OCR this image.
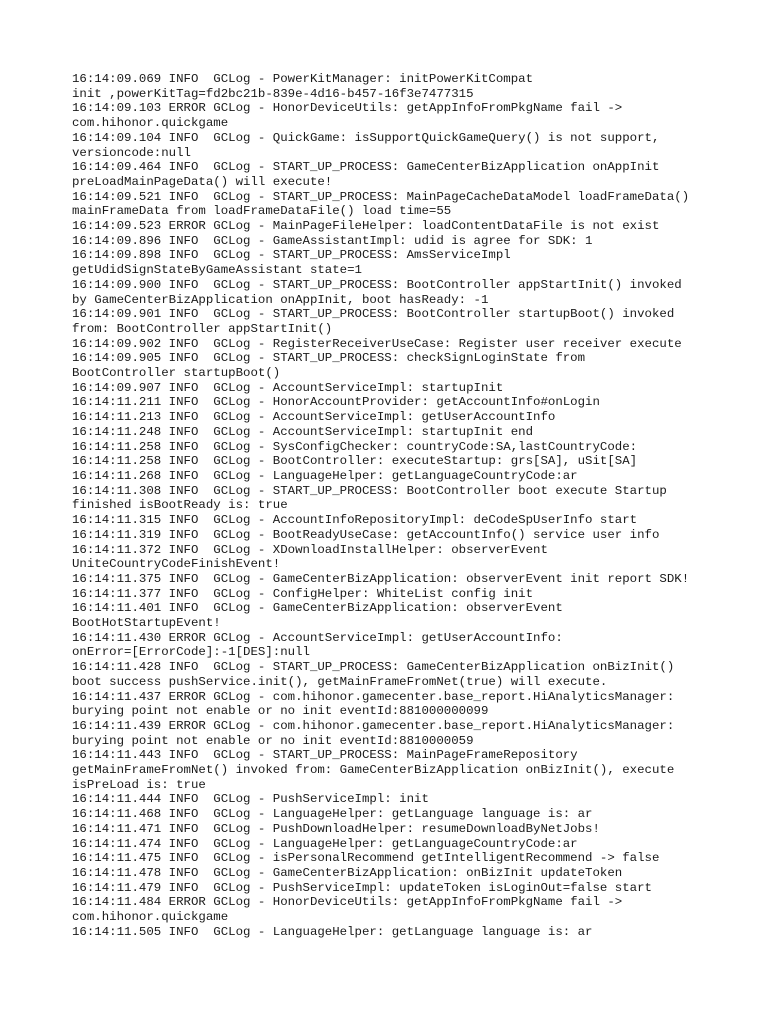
16:14:09.069 INFO  GCLog - PowerKitManager: initPowerKitCompat
init ,powerKitTag=fd2bc21b-839e-4d16-b457-16f3e7477315
16:14:09.103 ERROR GCLog - HonorDeviceUtils: getAppInfoFromPkgName fail ->
com.hihonor.quickgame
16:14:09.104 INFO  GCLog - QuickGame: isSupportQuickGameQuery() is not support,
versioncode:null
16:14:09.464 INFO  GCLog - START_UP_PROCESS: GameCenterBizApplication onAppInit
preLoadMainPageData() will execute!
16:14:09.521 INFO  GCLog - START_UP_PROCESS: MainPageCacheDataModel loadFrameData()
mainFrameData from loadFrameDataFile() load time=55
16:14:09.523 ERROR GCLog - MainPageFileHelper: loadContentDataFile is not exist
16:14:09.896 INFO  GCLog - GameAssistantImpl: udid is agree for SDK: 1
16:14:09.898 INFO  GCLog - START_UP_PROCESS: AmsServiceImpl
getUdidSignStateByGameAssistant state=1
16:14:09.900 INFO  GCLog - START_UP_PROCESS: BootController appStartInit() invoked
by GameCenterBizApplication onAppInit, boot hasReady: -1
16:14:09.901 INFO  GCLog - START_UP_PROCESS: BootController startupBoot() invoked
from: BootController appStartInit()
16:14:09.902 INFO  GCLog - RegisterReceiverUseCase: Register user receiver execute
16:14:09.905 INFO  GCLog - START_UP_PROCESS: checkSignLoginState from
BootController startupBoot()
16:14:09.907 INFO  GCLog - AccountServiceImpl: startupInit
16:14:11.211 INFO  GCLog - HonorAccountProvider: getAccountInfo#onLogin
16:14:11.213 INFO  GCLog - AccountServiceImpl: getUserAccountInfo
16:14:11.248 INFO  GCLog - AccountServiceImpl: startupInit end
16:14:11.258 INFO  GCLog - SysConfigChecker: countryCode:SA,lastCountryCode:
16:14:11.258 INFO  GCLog - BootController: executeStartup: grs[SA], uSit[SA]
16:14:11.268 INFO  GCLog - LanguageHelper: getLanguageCountryCode:ar
16:14:11.308 INFO  GCLog - START_UP_PROCESS: BootController boot execute Startup
finished isBootReady is: true
16:14:11.315 INFO  GCLog - AccountInfoRepositoryImpl: deCodeSpUserInfo start
16:14:11.319 INFO  GCLog - BootReadyUseCase: getAccountInfo() service user info
16:14:11.372 INFO  GCLog - XDownloadInstallHelper: observerEvent
UniteCountryCodeFinishEvent!
16:14:11.375 INFO  GCLog - GameCenterBizApplication: observerEvent init report SDK!
16:14:11.377 INFO  GCLog - ConfigHelper: WhiteList config init
16:14:11.401 INFO  GCLog - GameCenterBizApplication: observerEvent
BootHotStartupEvent!
16:14:11.430 ERROR GCLog - AccountServiceImpl: getUserAccountInfo:
onError=[ErrorCode]:-1[DES]:null
16:14:11.428 INFO  GCLog - START_UP_PROCESS: GameCenterBizApplication onBizInit()
boot success pushService.init(), getMainFrameFromNet(true) will execute.
16:14:11.437 ERROR GCLog - com.hihonor.gamecenter.base_report.HiAnalyticsManager:
burying point not enable or no init eventId:881000000099
16:14:11.439 ERROR GCLog - com.hihonor.gamecenter.base_report.HiAnalyticsManager:
burying point not enable or no init eventId:8810000059
16:14:11.443 INFO  GCLog - START_UP_PROCESS: MainPageFrameRepository
getMainFrameFromNet() invoked from: GameCenterBizApplication onBizInit(), execute
isPreLoad is: true
16:14:11.444 INFO  GCLog - PushServiceImpl: init
16:14:11.468 INFO  GCLog - LanguageHelper: getLanguage language is: ar
16:14:11.471 INFO  GCLog - PushDownloadHelper: resumeDownloadByNetJobs!
16:14:11.474 INFO  GCLog - LanguageHelper: getLanguageCountryCode:ar
16:14:11.475 INFO  GCLog - isPersonalRecommend getIntelligentRecommend -> false
16:14:11.478 INFO  GCLog - GameCenterBizApplication: onBizInit updateToken
16:14:11.479 INFO  GCLog - PushServiceImpl: updateToken isLoginOut=false start
16:14:11.484 ERROR GCLog - HonorDeviceUtils: getAppInfoFromPkgName fail ->
com.hihonor.quickgame
16:14:11.505 INFO  GCLog - LanguageHelper: getLanguage language is: ar
